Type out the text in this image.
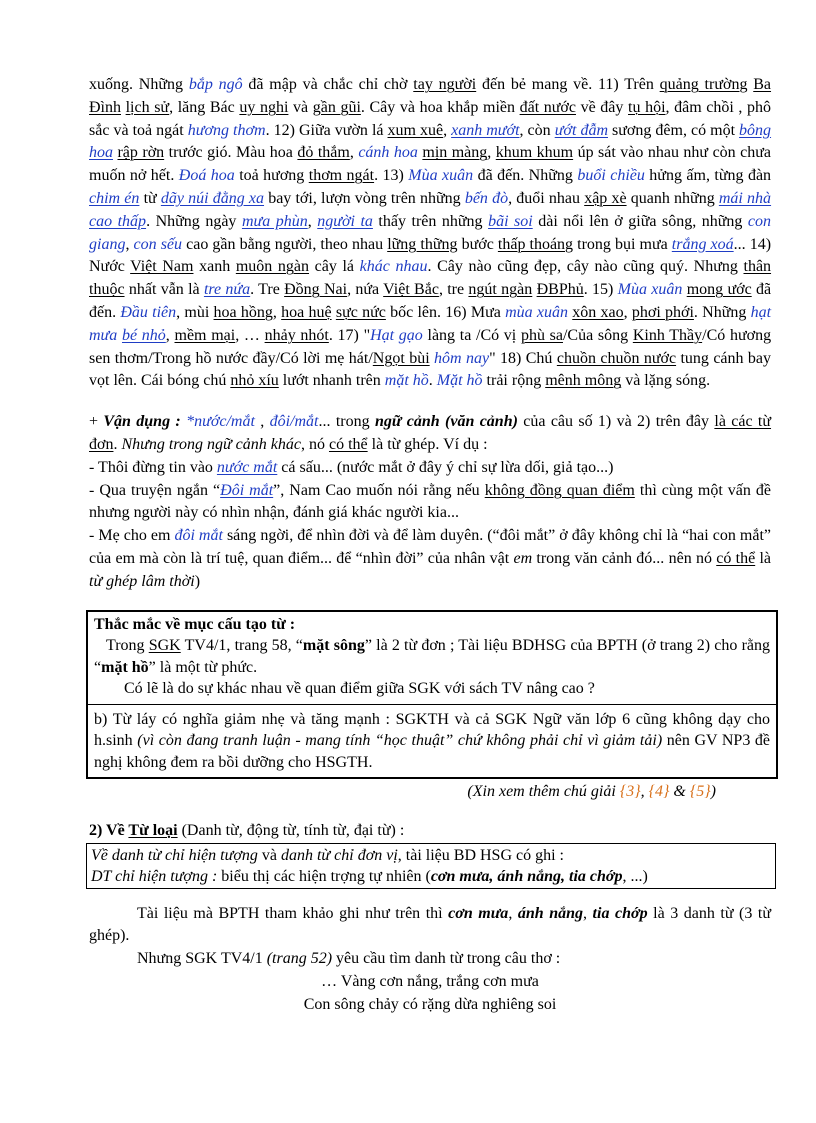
xuống. Những bắp ngô đã mập và chắc chỉ chờ tay người đến bẻ mang về. 11) Trên quảng trường Ba Đình lịch sử, lăng Bác uy nghi và gần gũi. Cây và hoa khắp miền đất nước về đây tụ hội, đâm chồi , phô sắc và toả ngát hương thơm. 12) Giữa vườn lá xum xuê, xanh mướt, còn ướt đẫm sương đêm, có một bông hoa rập rờn trước gió. Màu hoa đỏ thắm, cánh hoa mịn màng, khum khum úp sát vào nhau như còn chưa muốn nở hết. Đoá hoa toả hương thơm ngát. 13) Mùa xuân đã đến. Những buổi chiều hửng ấm, từng đàn chim én từ dãy núi đằng xa bay tới, lượn vòng trên những bến đò, đuổi nhau xập xè quanh những mái nhà cao thấp. Những ngày mưa phùn, người ta thấy trên những bãi soi dài nổi lên ở giữa sông, những con giang, con sếu cao gần bằng người, theo nhau lững thững bước thấp thoáng trong bụi mưa trắng xoá... 14) Nước Việt Nam xanh muôn ngàn cây lá khác nhau. Cây nào cũng đẹp, cây nào cũng quý. Nhưng thân thuộc nhất vẫn là tre nứa. Tre Đồng Nai, nứa Việt Bắc, tre ngút ngàn ĐBPhủ. 15) Mùa xuân mong ước đã đến. Đầu tiên, mùi hoa hồng, hoa huệ sực nức bốc lên. 16) Mưa mùa xuân xôn xao, phơi phới. Những hạt mưa bé nhỏ, mềm mại, … nhảy nhót. 17) "Hạt gạo làng ta /Có vị phù sa/Của sông Kinh Thầy/Có hương sen thơm/Trong hồ nước đầy/Có lời mẹ hát/Ngọt bùi hôm nay" 18) Chú chuồn chuồn nước tung cánh bay vọt lên. Cái bóng chú nhỏ xíu lướt nhanh trên mặt hồ. Mặt hồ trải rộng mênh mông và lặng sóng.

+ Vận dụng : *nước/mắt , đôi/mắt... trong ngữ cảnh (văn cảnh) của câu số 1) và 2) trên đây là các từ đơn. Nhưng trong ngữ cảnh khác, nó có thể là từ ghép. Ví dụ :

- Thôi đừng tin vào nước mắt cá sấu... (nước mắt ở đây ý chỉ sự lừa dối, giả tạo...)

- Qua truyện ngắn “Đôi mắt”, Nam Cao muốn nói rằng nếu không đồng quan điểm thì cùng một vấn đề nhưng người này có nhìn nhận, đánh giá khác người kia...

- Mẹ cho em đôi mắt sáng ngời, để nhìn đời và để làm duyên. (“đôi mắt” ở đây không chỉ là “hai con mắt” của em mà còn là trí tuệ, quan điểm... để “nhìn đời” của nhân vật em trong văn cảnh đó... nên nó có thể là từ ghép lâm thời)

Thắc mắc về mục cấu tạo từ :

Trong SGK TV4/1, trang 58, “mặt sông” là 2 từ đơn ; Tài liệu BDHSG của BPTH (ở trang 2) cho rằng “mặt hồ” là một từ phức.

Có lẽ là do sự khác nhau về quan điểm giữa SGK với sách TV nâng cao ?

b) Từ láy có nghĩa giảm nhẹ và tăng mạnh : SGKTH và cả SGK Ngữ văn lớp 6 cũng không dạy cho h.sinh (vì còn đang tranh luận - mang tính “học thuật” chứ không phải chỉ vì giảm tải) nên GV NP3 đề nghị không đem ra bồi dưỡng cho HSGTH.

(Xin xem thêm chú giải {3}, {4} & {5})

2) Về Từ loại (Danh từ, động từ, tính từ, đại từ) :

Về danh từ chỉ hiện tượng và danh từ chỉ đơn vị, tài liệu BD HSG có ghi :

DT chỉ hiện tượng : biểu thị các hiện trợng tự nhiên (cơn mưa, ánh nắng, tia chớp, ...)

Tài liệu mà BPTH tham khảo ghi như trên thì cơn mưa, ánh nắng, tia chớp là 3 danh từ (3 từ ghép).

Nhưng SGK TV4/1 (trang 52) yêu cầu tìm danh từ trong câu thơ :

… Vàng cơn nắng, trắng cơn mưa

Con sông chảy có rặng dừa nghiêng soi
